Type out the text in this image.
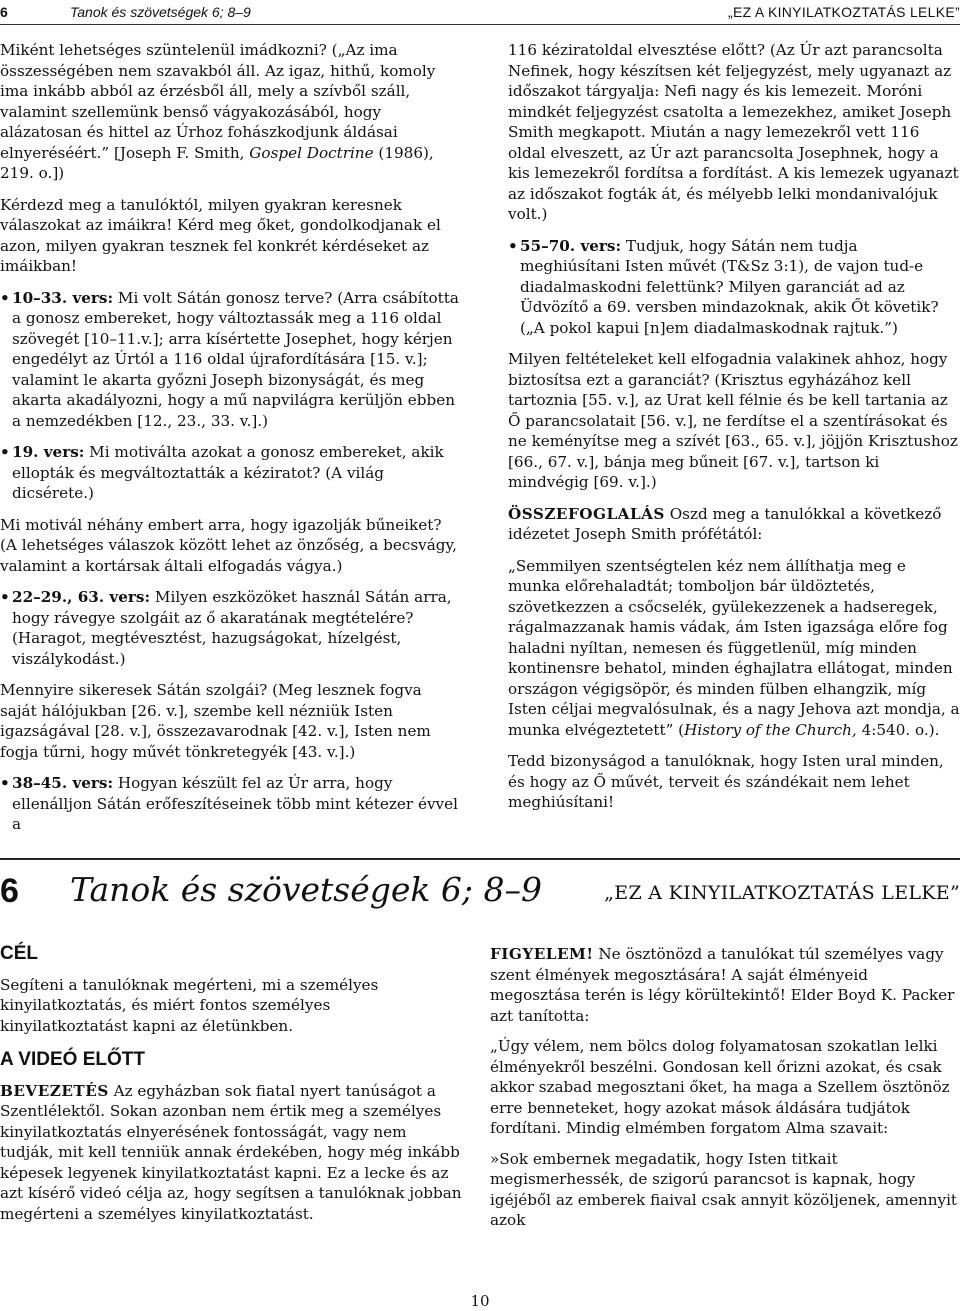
6	Tanok és szövetségek 6; 8–9	„EZ A KINYILATKOZTATÁS LELKE”

Miként lehetséges szüntelenül imádkozni? („Az ima összességében nem szavakból áll. Az igaz, hithű, komoly ima inkább abból az érzésből áll, mely a szívből száll, valamint szellemünk benső vágyakozásából, hogy alázatosan és hittel az Úrhoz fohászkodjunk áldásai elnyeréséért.” [Joseph F. Smith, Gospel Doctrine (1986), 219. o.])

Kérdezd meg a tanulóktól, milyen gyakran keresnek válaszokat az imáikra! Kérd meg őket, gondolkodjanak el azon, milyen gyakran tesznek fel konkrét kérdéseket az imáikban!

• 10–33. vers: Mi volt Sátán gonosz terve? (Arra csábította a gonosz embereket, hogy változtassák meg a 116 oldal szövegét [10–11.v.]; arra kísértette Josephet, hogy kérjen engedélyt az Úrtól a 116 oldal újrafordítására [15. v.]; valamint le akarta győzni Joseph bizonyságát, és meg akarta akadályozni, hogy a mű napvilágra kerüljön ebben a nemzedékben [12., 23., 33. v.].)

• 19. vers: Mi motiválta azokat a gonosz embereket, akik ellopták és megváltoztatták a kéziratot? (A világ dicsérete.)

Mi motivál néhány embert arra, hogy igazolják bűneiket? (A lehetséges válaszok között lehet az önzőség, a becsvágy, valamint a kortársak általi elfogadás vágya.)

• 22–29., 63. vers: Milyen eszközöket használ Sátán arra, hogy rávegye szolgáit az ő akaratának megtételére? (Haragot, megtévesztést, hazugságokat, hízelgést, viszálykodást.)

Mennyire sikeresek Sátán szolgái? (Meg lesznek fogva saját hálójukban [26. v.], szembe kell nézniük Isten igazságával [28. v.], összezavarodnak [42. v.], Isten nem fogja tűrni, hogy művét tönkretegyék [43. v.].)

• 38–45. vers: Hogyan készült fel az Úr arra, hogy ellenálljon Sátán erőfeszítéseinek több mint kétezer évvel a

116 kéziratoldal elvesztése előtt? (Az Úr azt parancsolta Nefinek, hogy készítsen két feljegyzést, mely ugyanazt az időszakot tárgyalja: Nefi nagy és kis lemezeit. Moróni mindkét feljegyzést csatolta a lemezekhez, amiket Joseph Smith megkapott. Miután a nagy lemezekről vett 116 oldal elveszett, az Úr azt parancsolta Josephnek, hogy a kis lemezekről fordítsa a fordítást. A kis lemezek ugyanazt az időszakot fogták át, és mélyebb lelki mondanivalójuk volt.)

• 55–70. vers: Tudjuk, hogy Sátán nem tudja meghiúsítani Isten művét (T&Sz 3:1), de vajon tud-e diadalmaskodni felettünk? Milyen garanciát ad az Üdvözítő a 69. versben mindazoknak, akik Őt követik? („A pokol kapui [n]em diadalmaskodnak rajtuk.”)

Milyen feltételeket kell elfogadnia valakinek ahhoz, hogy biztosítsa ezt a garanciát? (Krisztus egyházához kell tartoznia [55. v.], az Urat kell félnie és be kell tartania az Ő parancsolatait [56. v.], ne ferdítse el a szentírásokat és ne keményítse meg a szívét [63., 65. v.], jöjjön Krisztushoz [66., 67. v.], bánja meg bűneit [67. v.], tartson ki mindvégig [69. v.].)

ÖSSZEFOGLALÁS Oszd meg a tanulókkal a következő idézetet Joseph Smith prófétától:

„Semmilyen szentségtelen kéz nem állíthatja meg e munka előrehaladtát; tomboljon bár üldöztetés, szövetkezzen a csőcselék, gyülekezzenek a hadseregek, rágalmazzanak hamis vádak, ám Isten igazsága előre fog haladni nyíltan, nemesen és függetlenül, míg minden kontinensre behatol, minden éghajlatra ellátogat, minden országon végigsöpör, és minden fülben elhangzik, míg Isten céljai megvalósulnak, és a nagy Jehova azt mondja, a munka elvégeztetett” (History of the Church, 4:540. o.).

Tedd bizonyságod a tanulóknak, hogy Isten ural minden, és hogy az Ő művét, terveit és szándékait nem lehet meghiúsítani!

6 Tanok és szövetségek 6; 8–9	„EZ A KINYILATKOZTATÁS LELKE”
CÉL

Segíteni a tanulóknak megérteni, mi a személyes kinyilatkoztatás, és miért fontos személyes kinyilatkoztatást kapni az életünkben.

A VIDEÓ ELŐTT

BEVEZETÉS Az egyházban sok fiatal nyert tanúságot a Szentlélektől. Sokan azonban nem értik meg a személyes kinyilatkoztatás elnyerésének fontosságát, vagy nem tudják, mit kell tenniük annak érdekében, hogy még inkább képesek legyenek kinyilatkoztatást kapni. Ez a lecke és az azt kísérő videó célja az, hogy segítsen a tanulóknak jobban megérteni a személyes kinyilatkoztatást.

FIGYELEM! Ne ösztönözd a tanulókat túl személyes vagy szent élmények megosztására! A saját élményeid megosztása terén is légy körültekintő! Elder Boyd K. Packer azt tanította:

„Úgy vélem, nem bölcs dolog folyamatosan szokatlan lelki élményekről beszélni. Gondosan kell őrizni azokat, és csak akkor szabad megosztani őket, ha maga a Szellem ösztönöz erre benneteket, hogy azokat mások áldására tudjátok fordítani. Mindig elmémben forgatom Alma szavait:

»Sok embernek megadatik, hogy Isten titkait megismerhessék, de szigorú parancsot is kapnak, hogy igéjéből az emberek fiaival csak annyit közöljenek, amennyit azok

10
